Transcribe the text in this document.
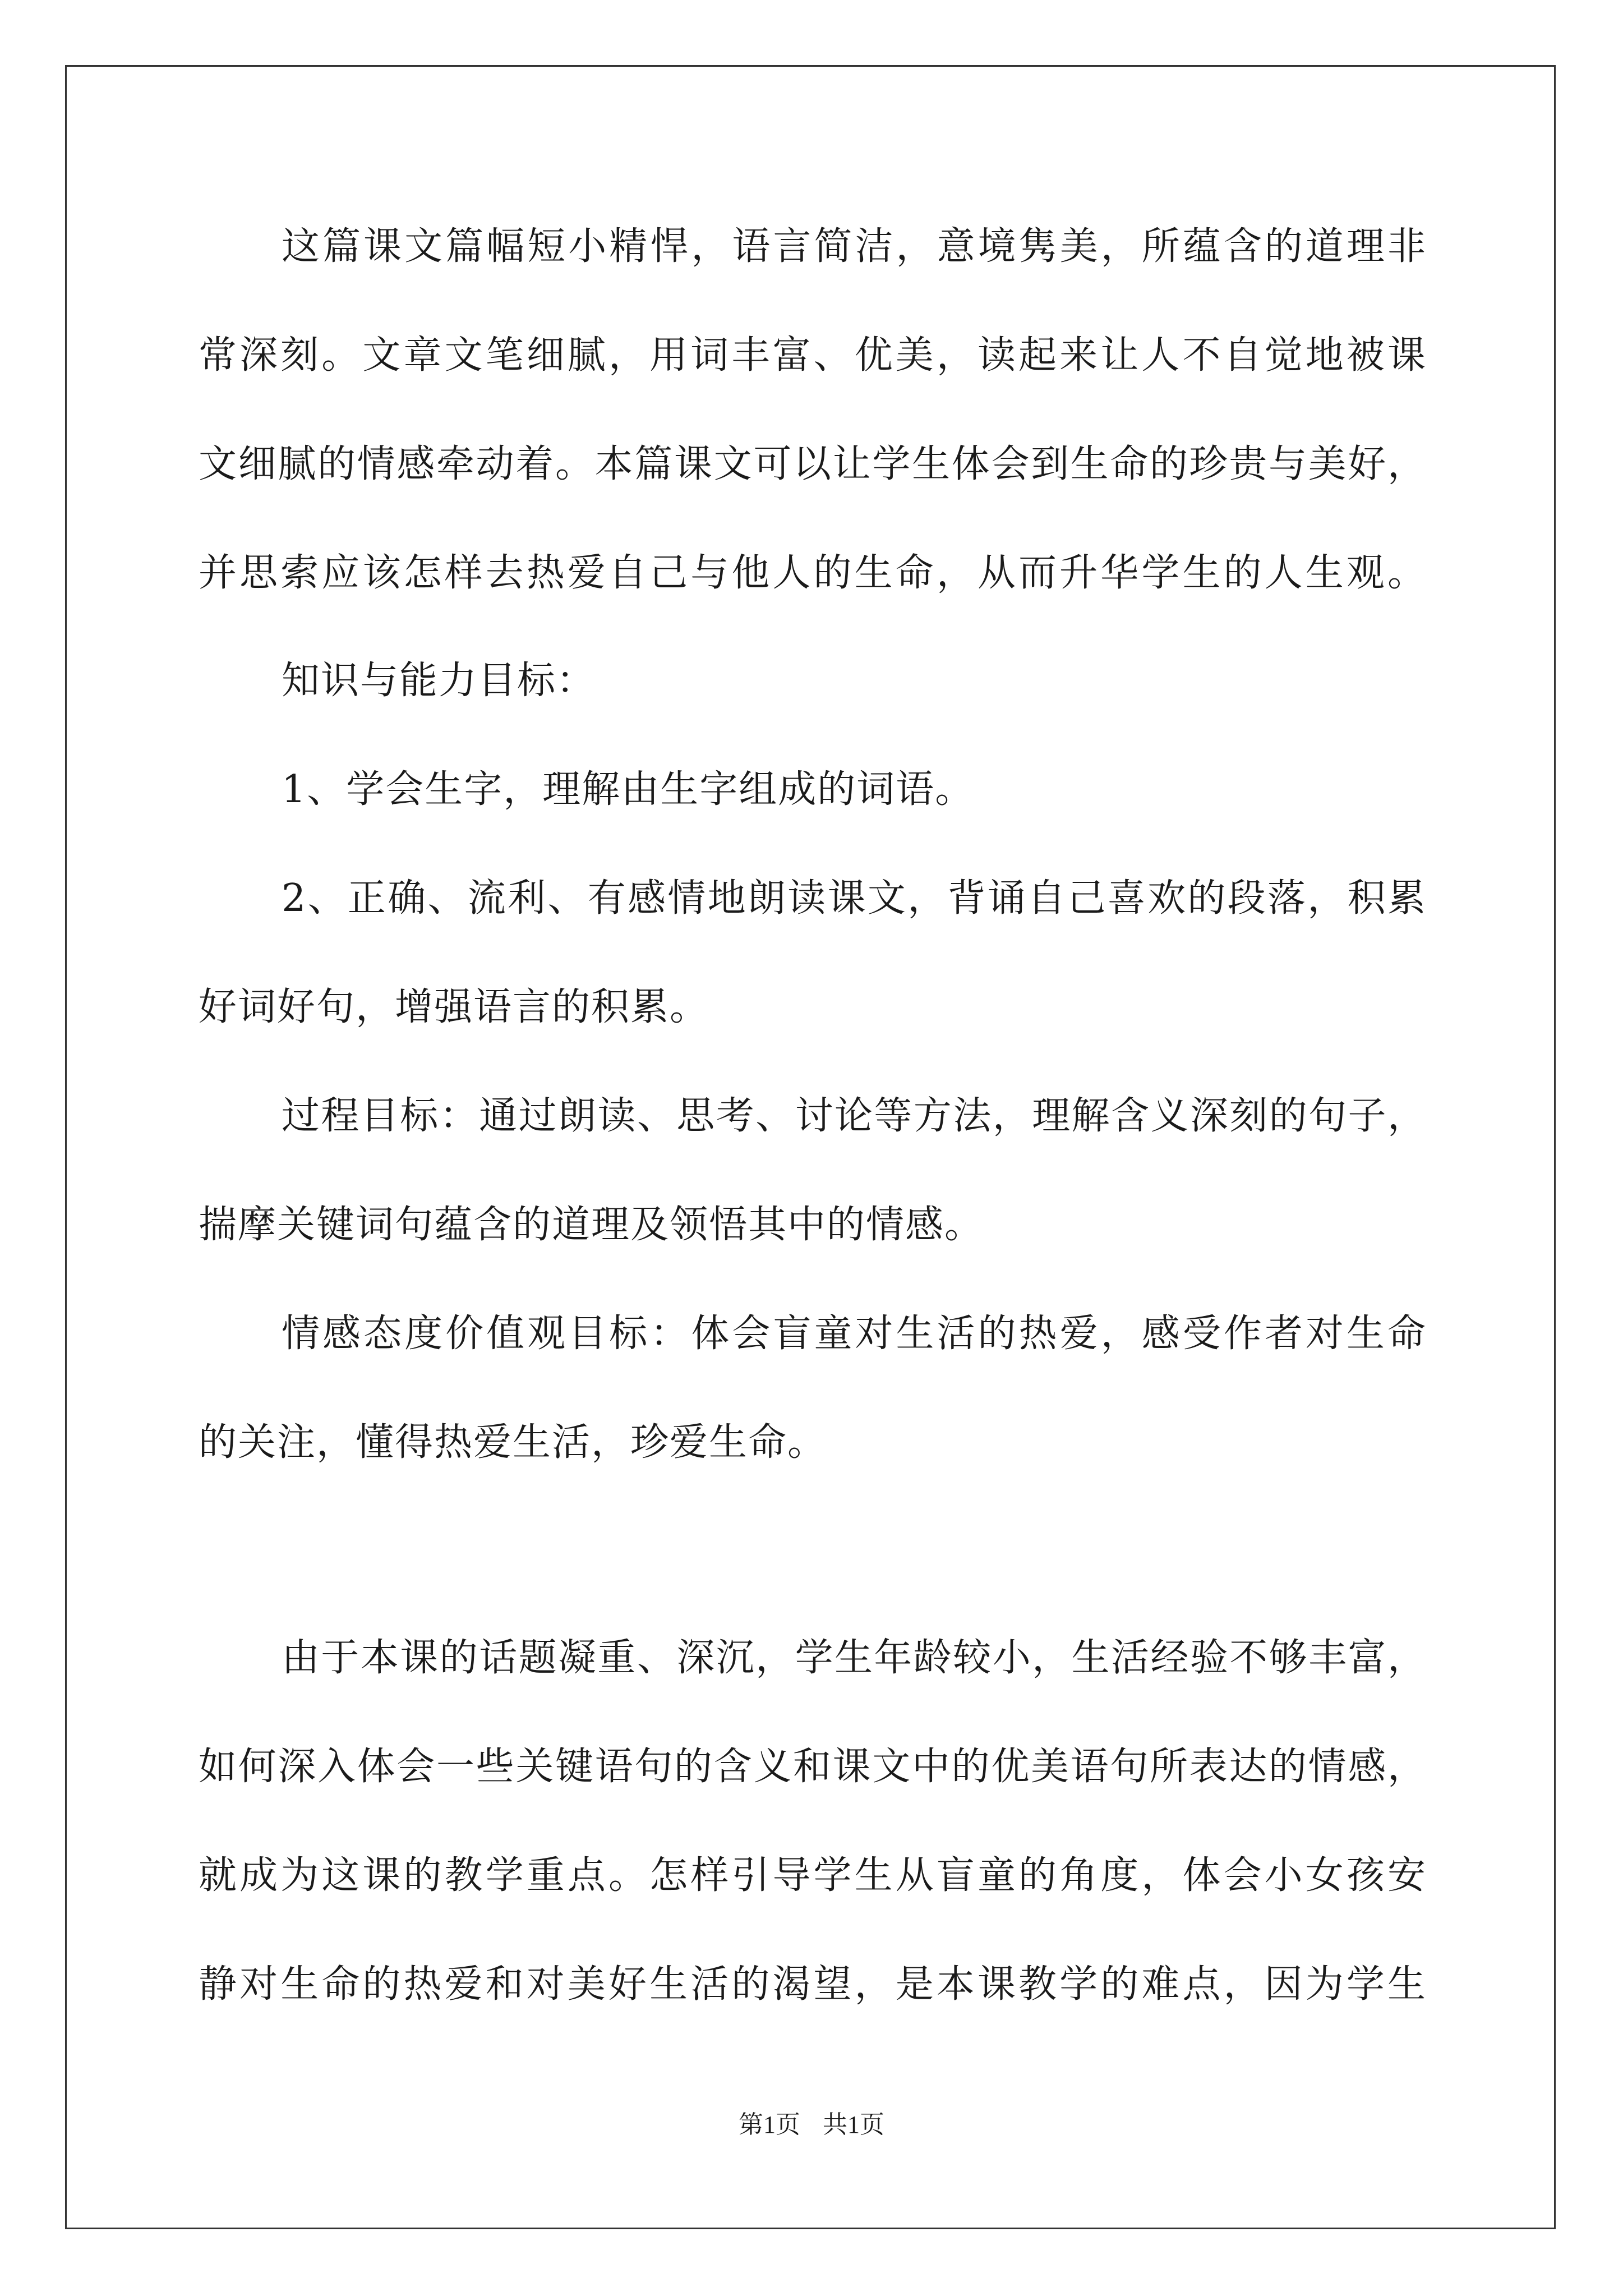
这篇课文篇幅短小精悍，语言简洁，意境隽美，所蕴含的道理非
常深刻。文章文笔细腻，用词丰富、优美，读起来让人不自觉地被课
文细腻的情感牵动着。本篇课文可以让学生体会到生命的珍贵与美好，
并思索应该怎样去热爱自己与他人的生命，从而升华学生的人生观。
知识与能力目标：
1、学会生字，理解由生字组成的词语。
2、正确、流利、有感情地朗读课文，背诵自己喜欢的段落，积累
好词好句，增强语言的积累。
过程目标：通过朗读、思考、讨论等方法，理解含义深刻的句子，
揣摩关键词句蕴含的道理及领悟其中的情感。
情感态度价值观目标：体会盲童对生活的热爱，感受作者对生命
的关注，懂得热爱生活，珍爱生命。
由于本课的话题凝重、深沉，学生年龄较小，生活经验不够丰富，
如何深入体会一些关键语句的含义和课文中的优美语句所表达的情感，
就成为这课的教学重点。怎样引导学生从盲童的角度，体会小女孩安
静对生命的热爱和对美好生活的渴望，是本课教学的难点，因为学生
第1页 共1页
